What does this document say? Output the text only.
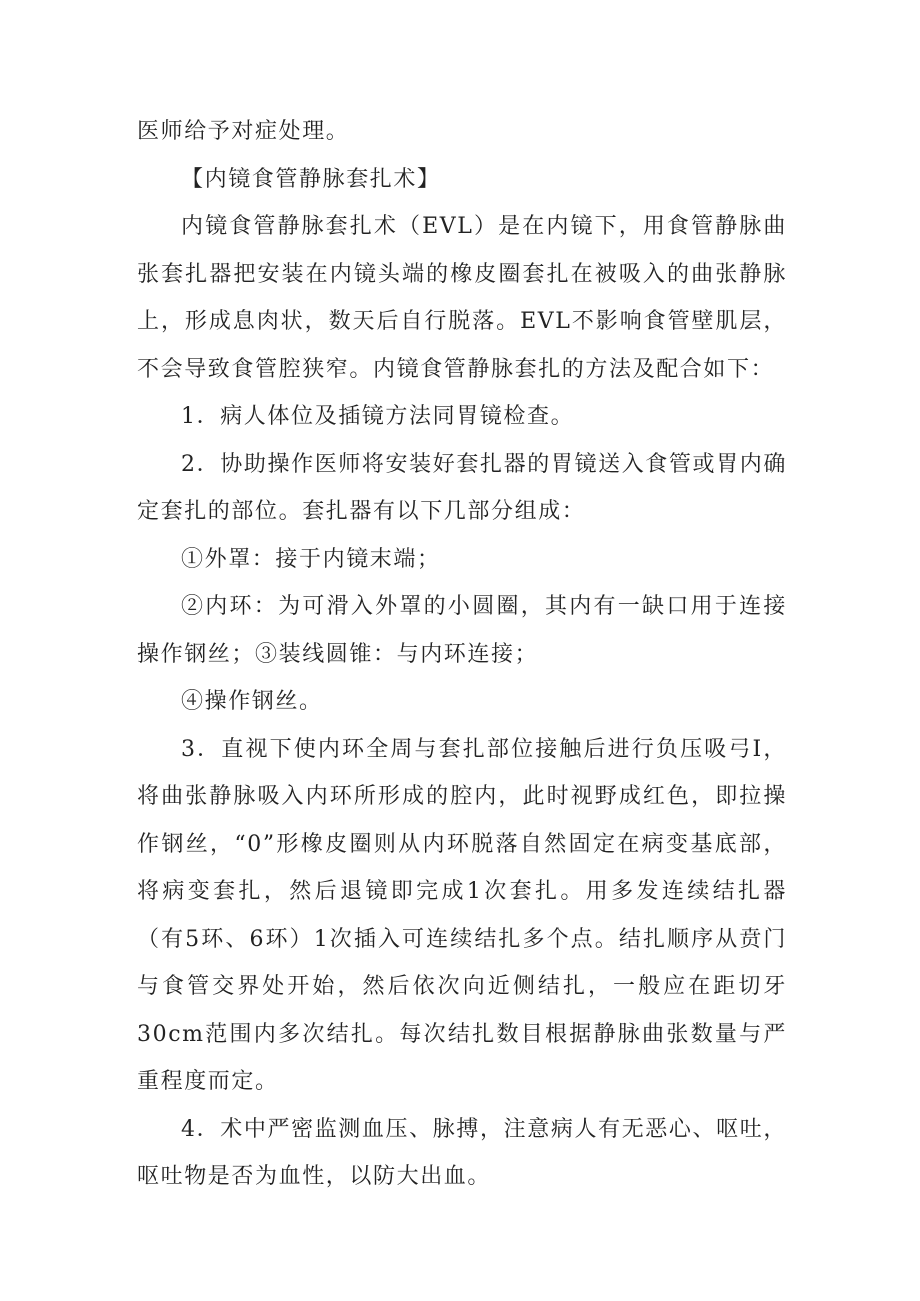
医师给予对症处理。

【内镜食管静脉套扎术】

内镜食管静脉套扎术（EVL）是在内镜下，用食管静脉曲张套扎器把安装在内镜头端的橡皮圈套扎在被吸入的曲张静脉上，形成息肉状，数天后自行脱落。EVL不影响食管壁肌层，不会导致食管腔狭窄。内镜食管静脉套扎的方法及配合如下：

1．病人体位及插镜方法同胃镜检查。

2．协助操作医师将安装好套扎器的胃镜送入食管或胃内确定套扎的部位。套扎器有以下几部分组成：

①外罩：接于内镜末端；

②内环：为可滑入外罩的小圆圈，其内有一缺口用于连接操作钢丝；③装线圆锥：与内环连接；

④操作钢丝。

3．直视下使内环全周与套扎部位接触后进行负压吸弓I，将曲张静脉吸入内环所形成的腔内，此时视野成红色，即拉操作钢丝，“0”形橡皮圈则从内环脱落自然固定在病变基底部，将病变套扎，然后退镜即完成1次套扎。用多发连续结扎器（有5环、6环）1次插入可连续结扎多个点。结扎顺序从贲门与食管交界处开始，然后依次向近侧结扎，一般应在距切牙30cm范围内多次结扎。每次结扎数目根据静脉曲张数量与严重程度而定。

4．术中严密监测血压、脉搏，注意病人有无恶心、呕吐，呕吐物是否为血性，以防大出血。
